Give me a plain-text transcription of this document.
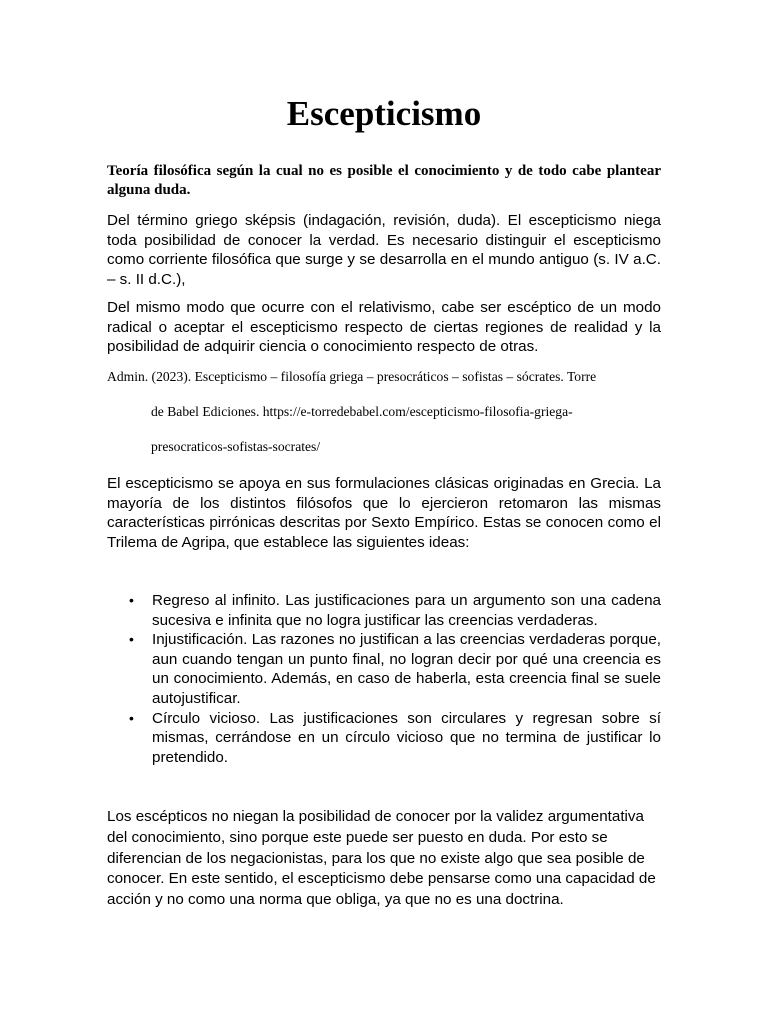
Escepticismo

Teoría filosófica según la cual no es posible el conocimiento y de todo cabe plantear alguna duda.

Del término griego sképsis (indagación, revisión, duda). El escepticismo niega toda posibilidad de conocer la verdad. Es necesario distinguir el escepticismo como corriente filosófica que surge y se desarrolla en el mundo antiguo (s. IV a.C. – s. II d.C.),

Del mismo modo que ocurre con el relativismo, cabe ser escéptico de un modo radical o aceptar el escepticismo respecto de ciertas regiones de realidad y la posibilidad de adquirir ciencia o conocimiento respecto de otras.

Admin. (2023). Escepticismo – filosofía griega – presocráticos – sofistas – sócrates. Torre
de Babel Ediciones. https://e-torredebabel.com/escepticismo-filosofia-griega-
presocraticos-sofistas-socrates/

El escepticismo se apoya en sus formulaciones clásicas originadas en Grecia. La mayoría de los distintos filósofos que lo ejercieron retomaron las mismas características pirrónicas descritas por Sexto Empírico. Estas se conocen como el Trilema de Agripa, que establece las siguientes ideas:

• Regreso al infinito. Las justificaciones para un argumento son una cadena sucesiva e infinita que no logra justificar las creencias verdaderas.
• Injustificación. Las razones no justifican a las creencias verdaderas porque, aun cuando tengan un punto final, no logran decir por qué una creencia es un conocimiento. Además, en caso de haberla, esta creencia final se suele autojustificar.
• Círculo vicioso. Las justificaciones son circulares y regresan sobre sí mismas, cerrándose en un círculo vicioso que no termina de justificar lo pretendido.

Los escépticos no niegan la posibilidad de conocer por la validez argumentativa del conocimiento, sino porque este puede ser puesto en duda. Por esto se diferencian de los negacionistas, para los que no existe algo que sea posible de conocer. En este sentido, el escepticismo debe pensarse como una capacidad de acción y no como una norma que obliga, ya que no es una doctrina.
